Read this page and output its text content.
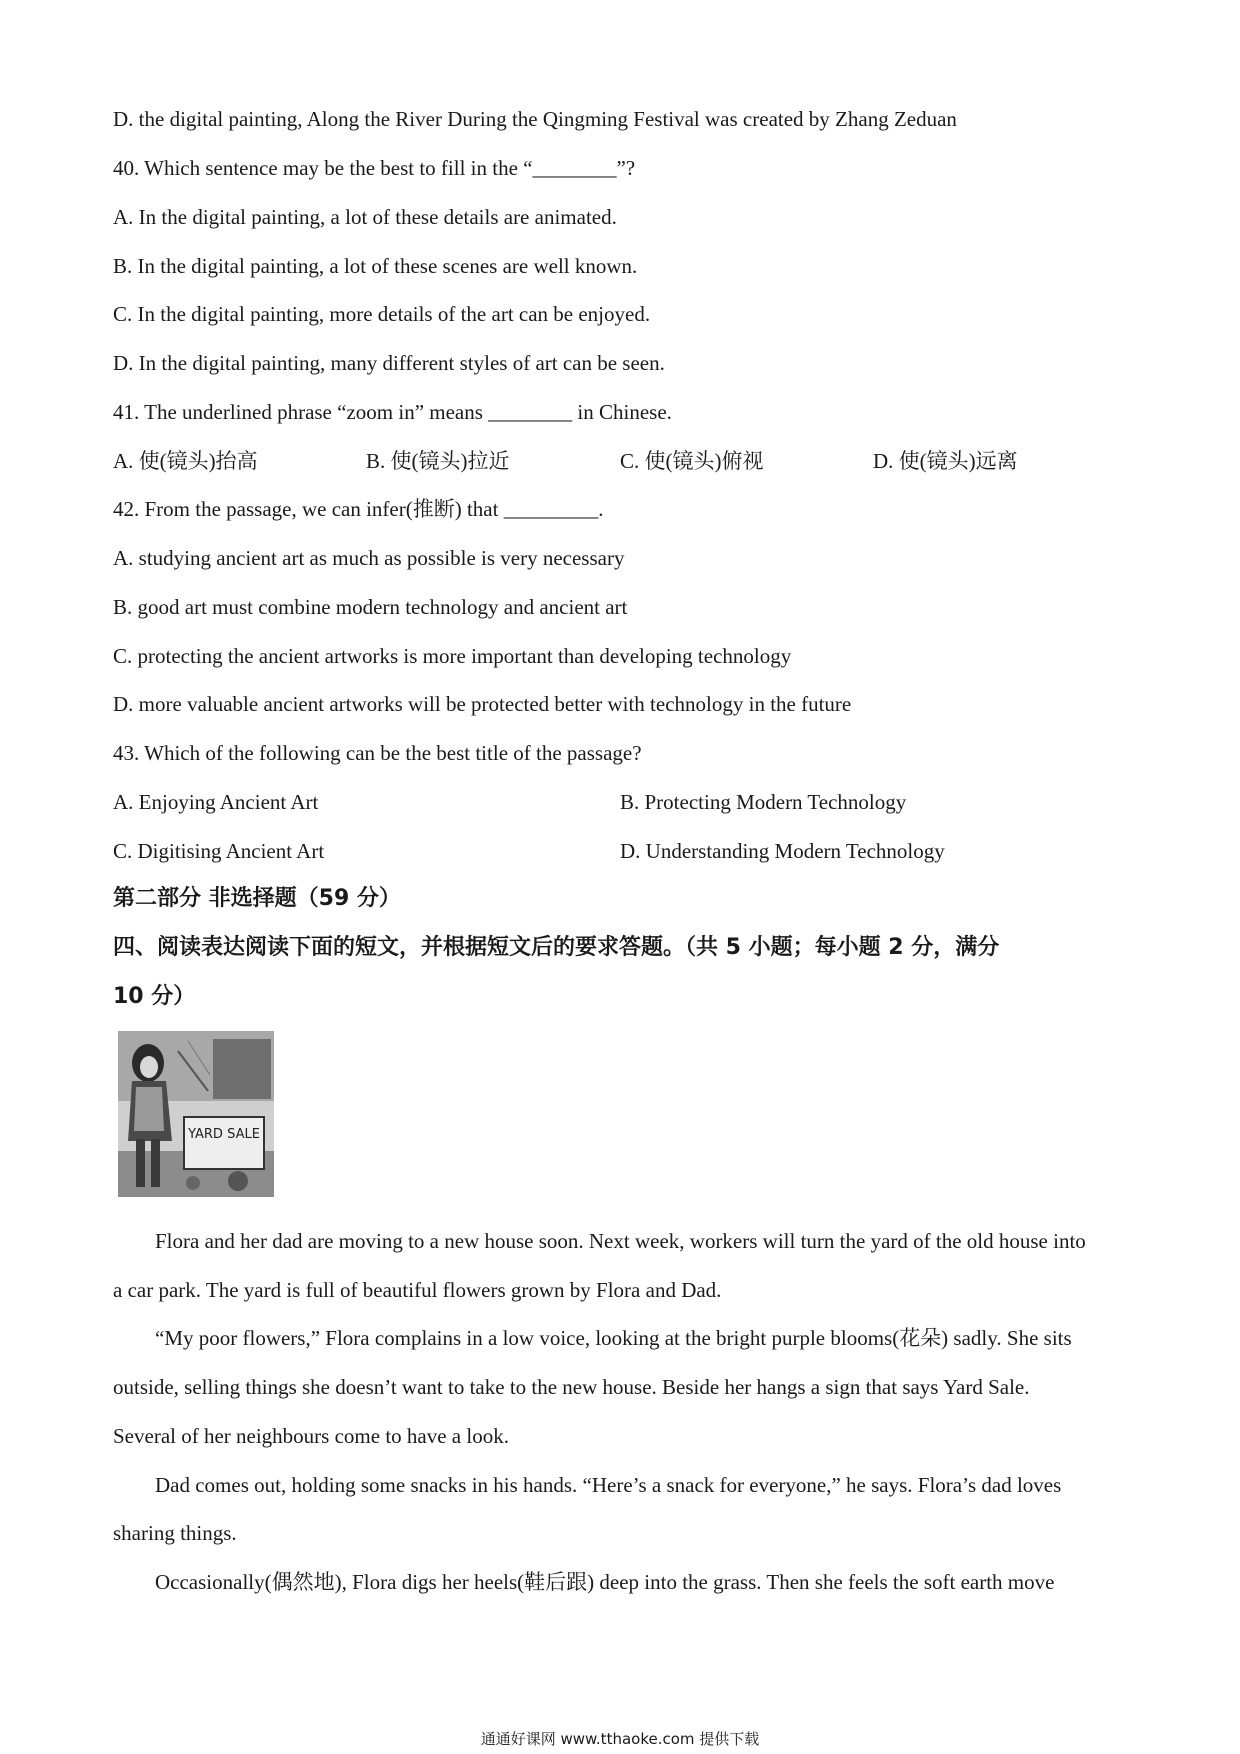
D. the digital painting, Along the River During the Qingming Festival was created by Zhang Zeduan
40. Which sentence may be the best to fill in the “________”?
A. In the digital painting, a lot of these details are animated.
B. In the digital painting, a lot of these scenes are well known.
C. In the digital painting, more details of the art can be enjoyed.
D. In the digital painting, many different styles of art can be seen.
41. The underlined phrase “zoom in” means ________ in Chinese.
A. 使(镜头)抬高	B. 使(镜头)拉近	C. 使(镜头)俯视	D. 使(镜头)远离
42. From the passage, we can infer(推断) that _________.
A. studying ancient art as much as possible is very necessary
B. good art must combine modern technology and ancient art
C. protecting the ancient artworks is more important than developing technology
D. more valuable ancient artworks will be protected better with technology in the future
43. Which of the following can be the best title of the passage?
A. Enjoying Ancient Art	B. Protecting Modern Technology
C. Digitising Ancient Art	D. Understanding Modern Technology
第二部分 非选择题（59 分）
四、阅读表达阅读下面的短文，并根据短文后的要求答题。（共 5 小题；每小题 2 分，满分
10 分）
YARD SALE
Flora and her dad are moving to a new house soon. Next week, workers will turn the yard of the old house into
a car park. The yard is full of beautiful flowers grown by Flora and Dad.
“My poor flowers,” Flora complains in a low voice, looking at the bright purple blooms(花朵) sadly. She sits
outside, selling things she doesn’t want to take to the new house. Beside her hangs a sign that says Yard Sale.
Several of her neighbours come to have a look.
Dad comes out, holding some snacks in his hands. “Here’s a snack for everyone,” he says. Flora’s dad loves
sharing things.
Occasionally(偶然地), Flora digs her heels(鞋后跟) deep into the grass. Then she feels the soft earth move
通通好课网 www.tthaoke.com 提供下载
